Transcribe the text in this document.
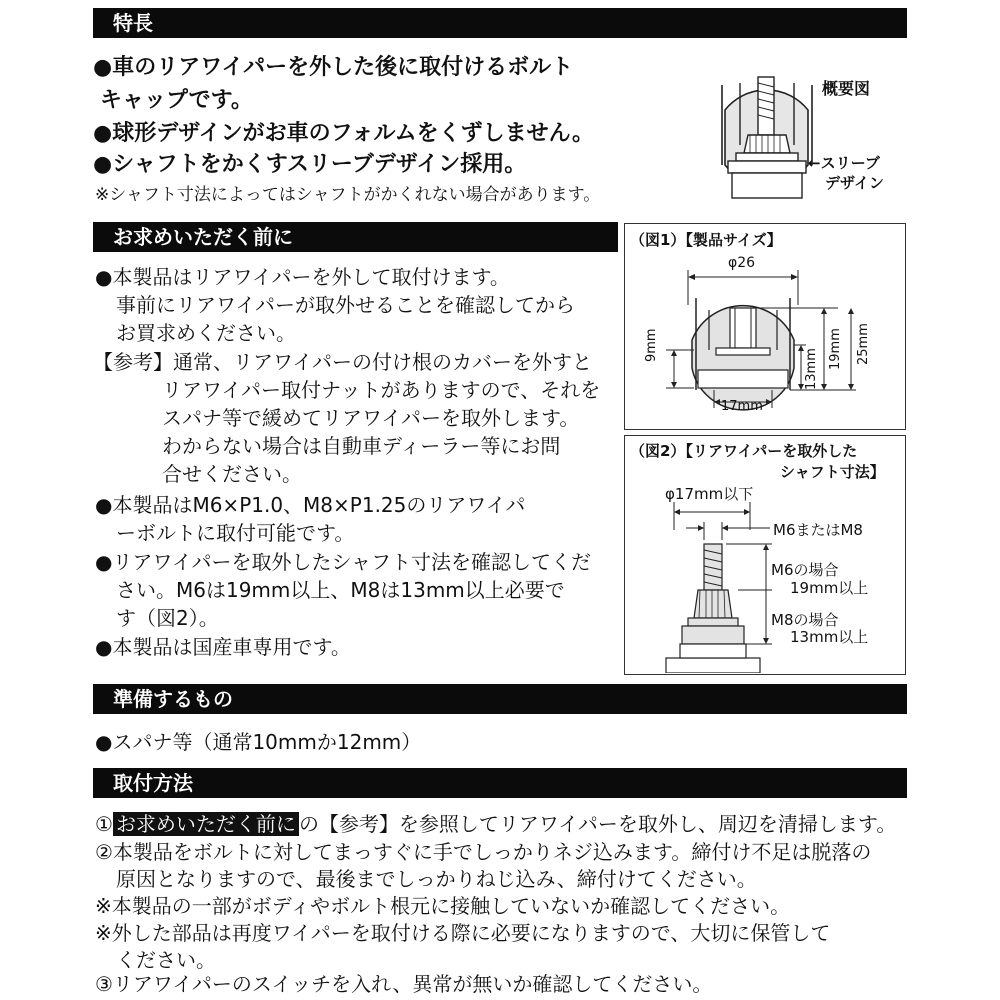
特長
●車のリアワイパーを外した後に取付けるボルト
キャップです。
●球形デザインがお車のフォルムをくずしません。
●シャフトをかくすスリーブデザイン採用。
※シャフト寸法によってはシャフトがかくれない場合があります。
概要図
←スリーブ
デザイン
お求めいただく前に
●本製品はリアワイパーを外して取付けます。
事前にリアワイパーが取外せることを確認してから
お買求めください。
【参考】通常、リアワイパーの付け根のカバーを外すと
リアワイパー取付ナットがありますので、それを
スパナ等で緩めてリアワイパーを取外します。
わからない場合は自動車ディーラー等にお問
合せください。
●本製品はM6×P1.0、M8×P1.25のリアワイパ
ーボルトに取付可能です。
●リアワイパーを取外したシャフト寸法を確認してくだ
さい。M6は19mm以上、M8は13mm以上必要で
す（図2）。
●本製品は国産車専用です。
（図1）【製品サイズ】
φ26
17mm
9mm
13mm 19mm 25mm
（図2）【リアワイパーを取外した
シャフト寸法】
φ17mm以下
M6またはM8
M6の場合
19mm以上
M8の場合
13mm以上
準備するもの
●スパナ等（通常10mmか12mm）
取付方法
① お求めいただく前に の【参考】を参照してリアワイパーを取外し、周辺を清掃します。
②本製品をボルトに対してまっすぐに手でしっかりネジ込みます。締付け不足は脱落の
原因となりますので、最後までしっかりねじ込み、締付けてください。
※本製品の一部がボディやボルト根元に接触していないか確認してください。
※外した部品は再度ワイパーを取付ける際に必要になりますので、大切に保管して
ください。
③リアワイパーのスイッチを入れ、異常が無いか確認してください。
